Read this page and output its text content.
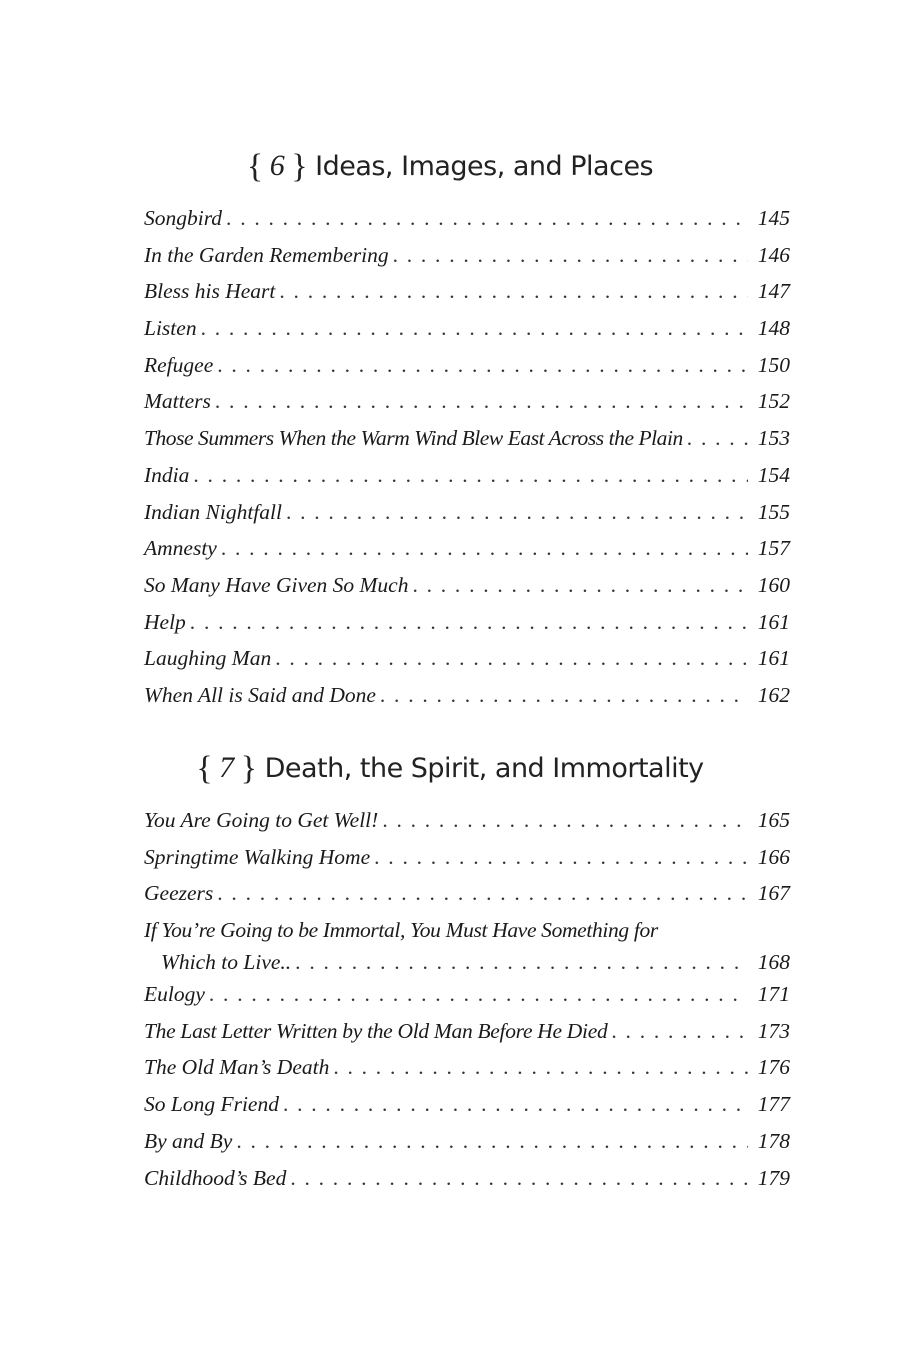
{ 6 } Ideas, Images, and Places
Songbird . . .	145
In the Garden Remembering . . .	146
Bless his Heart . . .	147
Listen . . .	148
Refugee . . .	150
Matters . . .	152
Those Summers When the Warm Wind Blew East Across the Plain . . .	153
India . . .	154
Indian Nightfall . . .	155
Amnesty . . .	157
So Many Have Given So Much . . .	160
Help . . .	161
Laughing Man . . .	161
When All is Said and Done . . .	162
{ 7 } Death, the Spirit, and Immortality
You Are Going to Get Well! . . .	165
Springtime Walking Home . . .	166
Geezers . . .	167
If You’re Going to be Immortal, You Must Have Something for
Which to Live.. . . .	168
Eulogy . . .	171
The Last Letter Written by the Old Man Before He Died . . .	173
The Old Man’s Death . . .	176
So Long Friend . . .	177
By and By . . .	178
Childhood’s Bed . . .	179
